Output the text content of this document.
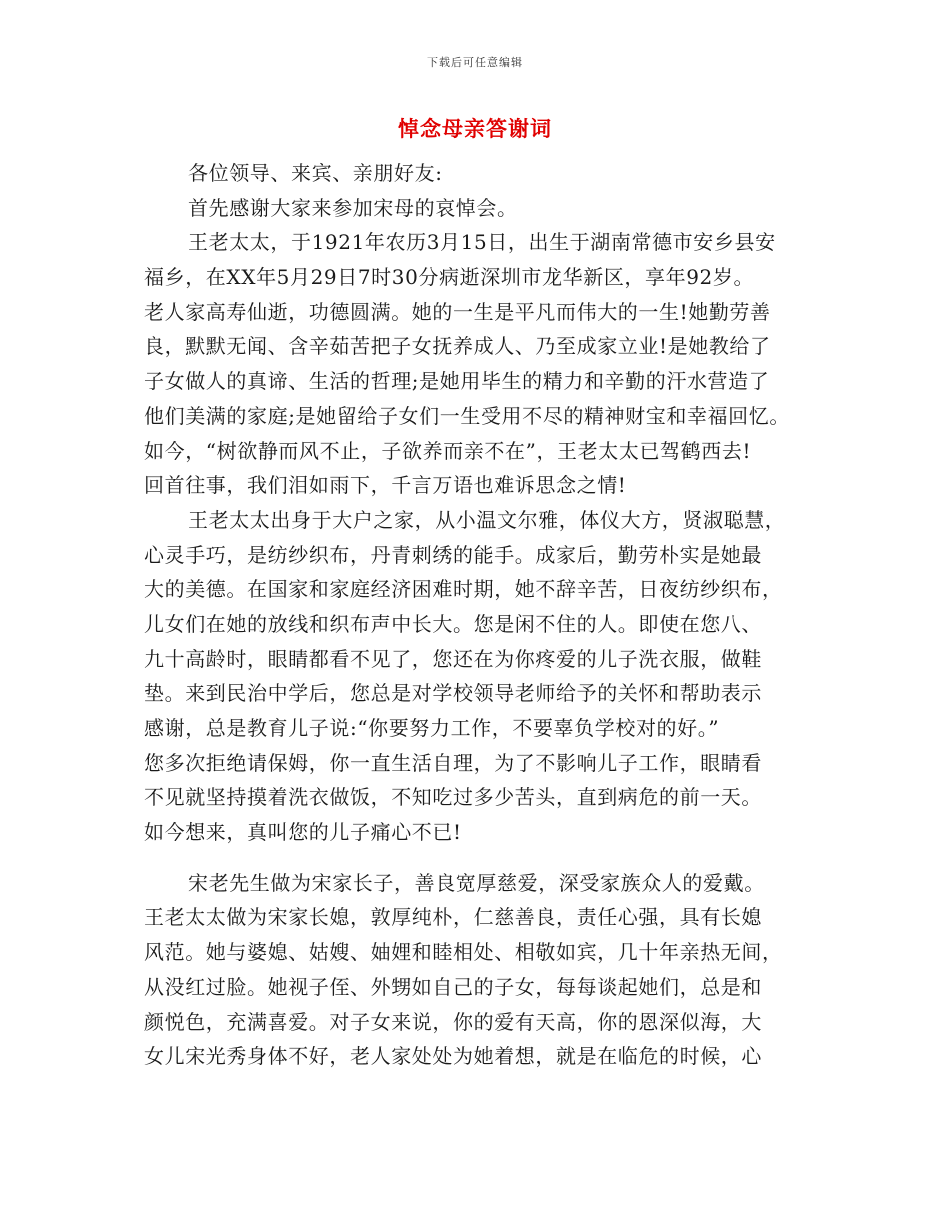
下载后可任意编辑
悼念母亲答谢词
各位领导、来宾、亲朋好友:
首先感谢大家来参加宋母的哀悼会。
王老太太，于1921年农历3月15日，出生于湖南常德市安乡县安
福乡，在XX年5月29日7时30分病逝深圳市龙华新区，享年92岁。
老人家高寿仙逝，功德圆满。她的一生是平凡而伟大的一生!她勤劳善
良，默默无闻、含辛茹苦把子女抚养成人、乃至成家立业!是她教给了
子女做人的真谛、生活的哲理;是她用毕生的精力和辛勤的汗水营造了
他们美满的家庭;是她留给子女们一生受用不尽的精神财宝和幸福回忆。
如今，“树欲静而风不止，子欲养而亲不在”，王老太太已驾鹤西去!
回首往事，我们泪如雨下，千言万语也难诉思念之情!
王老太太出身于大户之家，从小温文尔雅，体仪大方，贤淑聪慧，
心灵手巧，是纺纱织布，丹青刺绣的能手。成家后，勤劳朴实是她最
大的美德。在国家和家庭经济困难时期，她不辞辛苦，日夜纺纱织布，
儿女们在她的放线和织布声中长大。您是闲不住的人。即使在您八、
九十高龄时，眼睛都看不见了，您还在为你疼爱的儿子洗衣服，做鞋
垫。来到民治中学后，您总是对学校领导老师给予的关怀和帮助表示
感谢，总是教育儿子说:“你要努力工作，不要辜负学校对的好。”
您多次拒绝请保姆，你一直生活自理，为了不影响儿子工作，眼睛看
不见就坚持摸着洗衣做饭，不知吃过多少苦头，直到病危的前一天。
如今想来，真叫您的儿子痛心不已!
宋老先生做为宋家长子，善良宽厚慈爱，深受家族众人的爱戴。
王老太太做为宋家长媳，敦厚纯朴，仁慈善良，责任心强，具有长媳
风范。她与婆媳、姑嫂、妯娌和睦相处、相敬如宾，几十年亲热无间，
从没红过脸。她视子侄、外甥如自己的子女，每每谈起她们，总是和
颜悦色，充满喜爱。对子女来说，你的爱有天高，你的恩深似海，大
女儿宋光秀身体不好，老人家处处为她着想，就是在临危的时候，心
